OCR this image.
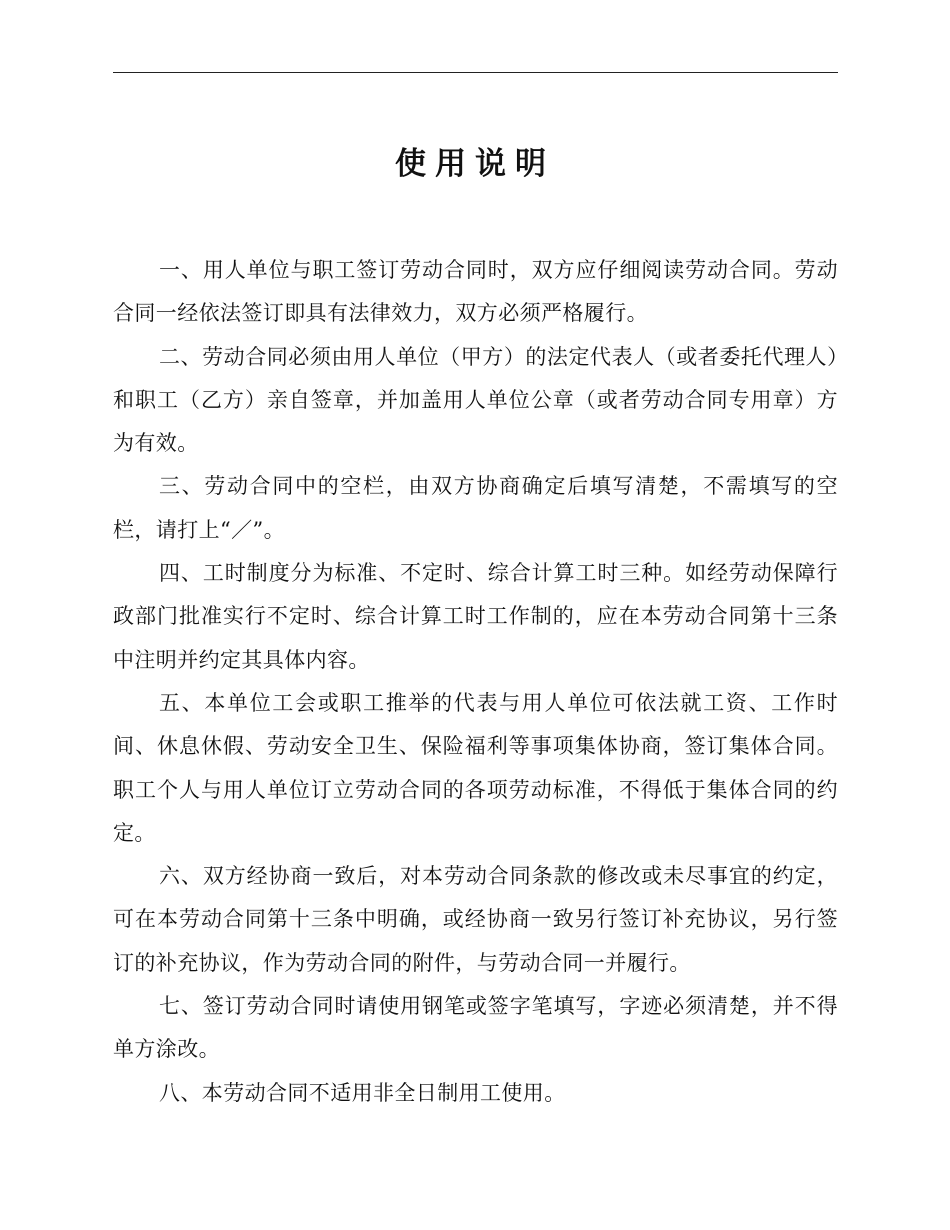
使用说明

一、用人单位与职工签订劳动合同时，双方应仔细阅读劳动合同。劳动合同一经依法签订即具有法律效力，双方必须严格履行。

二、劳动合同必须由用人单位（甲方）的法定代表人（或者委托代理人）和职工（乙方）亲自签章，并加盖用人单位公章（或者劳动合同专用章）方为有效。

三、劳动合同中的空栏，由双方协商确定后填写清楚，不需填写的空栏，请打上“／”。

四、工时制度分为标准、不定时、综合计算工时三种。如经劳动保障行政部门批准实行不定时、综合计算工时工作制的，应在本劳动合同第十三条中注明并约定其具体内容。

五、本单位工会或职工推举的代表与用人单位可依法就工资、工作时间、休息休假、劳动安全卫生、保险福利等事项集体协商，签订集体合同。职工个人与用人单位订立劳动合同的各项劳动标准，不得低于集体合同的约定。

六、双方经协商一致后，对本劳动合同条款的修改或未尽事宜的约定，可在本劳动合同第十三条中明确，或经协商一致另行签订补充协议，另行签订的补充协议，作为劳动合同的附件，与劳动合同一并履行。

七、签订劳动合同时请使用钢笔或签字笔填写，字迹必须清楚，并不得单方涂改。

八、本劳动合同不适用非全日制用工使用。
